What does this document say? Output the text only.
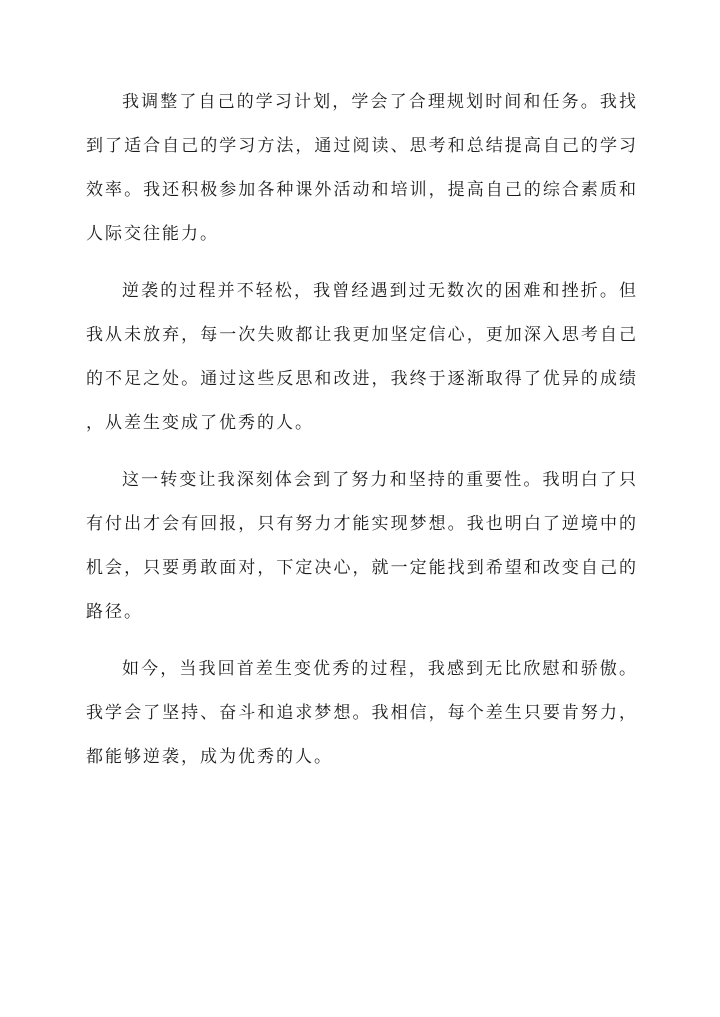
我调整了自己的学习计划，学会了合理规划时间和任务。我找
到了适合自己的学习方法，通过阅读、思考和总结提高自己的学习
效率。我还积极参加各种课外活动和培训，提高自己的综合素质和
人际交往能力。
逆袭的过程并不轻松，我曾经遇到过无数次的困难和挫折。但
我从未放弃，每一次失败都让我更加坚定信心，更加深入思考自己
的不足之处。通过这些反思和改进，我终于逐渐取得了优异的成绩
，从差生变成了优秀的人。
这一转变让我深刻体会到了努力和坚持的重要性。我明白了只
有付出才会有回报，只有努力才能实现梦想。我也明白了逆境中的
机会，只要勇敢面对，下定决心，就一定能找到希望和改变自己的
路径。
如今，当我回首差生变优秀的过程，我感到无比欣慰和骄傲。
我学会了坚持、奋斗和追求梦想。我相信，每个差生只要肯努力，
都能够逆袭，成为优秀的人。
